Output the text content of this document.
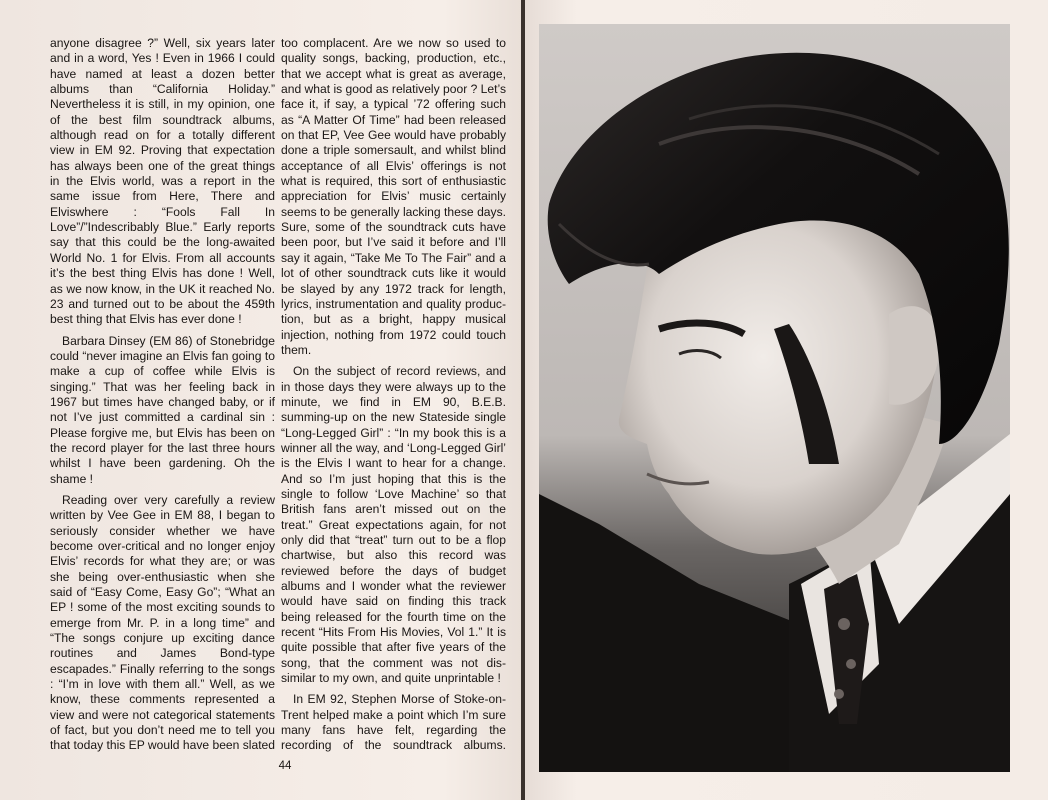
anyone disagree ?” Well, six years later and in a word, Yes ! Even in 1966 I could have named at least a dozen better albums than “California Holiday.” Nevertheless it is still, in my opinion, one of the best film soundtrack albums, although read on for a totally different view in EM 92. Proving that expectation has always been one of the great things in the Elvis world, was a report in the same issue from Here, There and Elviswhere : “Fools Fall In Love”/”Indescribably Blue.” Early reports say that this could be the long-awaited World No. 1 for Elvis. From all accounts it’s the best thing Elvis has done ! Well, as we now know, in the UK it reached No. 23 and turned out to be about the 459th best thing that Elvis has ever done !

Barbara Dinsey (EM 86) of Stonebridge could “never imagine an Elvis fan going to make a cup of coffee while Elvis is singing.” That was her feeling back in 1967 but times have changed baby, or if not I’ve just committed a cardinal sin : Please forgive me, but Elvis has been on the record player for the last three hours whilst I have been gardening. Oh the shame !

Reading over very carefully a review written by Vee Gee in EM 88, I began to seriously consider whether we have become over-critical and no longer enjoy Elvis’ records for what they are; or was she being over-enthusiastic when she said of “Easy Come, Easy Go”; “What an EP ! some of the most exciting sounds to emerge from Mr. P. in a long time” and “The songs conjure up exciting dance routines and James Bond-type escapades.” Finally referring to the songs : “I’m in love with them all.” Well, as we know, these comments represented a view and were not categorical statements of fact, but you don’t need me to tell you that today this EP would have been slated

too complacent. Are we now so used to quality songs, backing, production, etc., that we accept what is great as average, and what is good as relatively poor ? Let’s face it, if say, a typical ’72 offering such as “A Matter Of Time” had been released on that EP, Vee Gee would have probably done a triple somersault, and whilst blind acceptance of all Elvis’ offerings is not what is required, this sort of enthusiastic appreciation for Elvis’ music certainly seems to be generally lacking these days. Sure, some of the soundtrack cuts have been poor, but I’ve said it before and I’ll say it again, “Take Me To The Fair” and a lot of other soundtrack cuts like it would be slayed by any 1972 track for length, lyrics, instrumentation and quality production, but as a bright, happy musical injection, nothing from 1972 could touch them.

On the subject of record reviews, and in those days they were always up to the minute, we find in EM 90, B.E.B. summing-up on the new Stateside single “Long-Legged Girl” : “In my book this is a winner all the way, and ‘Long-Legged Girl’ is the Elvis I want to hear for a change. And so I’m just hoping that this is the single to follow ‘Love Machine’ so that British fans aren’t missed out on the treat.” Great expectations again, for not only did that “treat” turn out to be a flop chartwise, but also this record was reviewed before the days of budget albums and I wonder what the reviewer would have said on finding this track being released for the fourth time on the recent “Hits From His Movies, Vol 1.” It is quite possible that after five years of the song, that the comment was not dissimilar to my own, and quite unprintable !

In EM 92, Stephen Morse of Stoke-on-Trent helped make a point which I’m sure many fans have felt, regarding the recording of the soundtrack albums.

44
